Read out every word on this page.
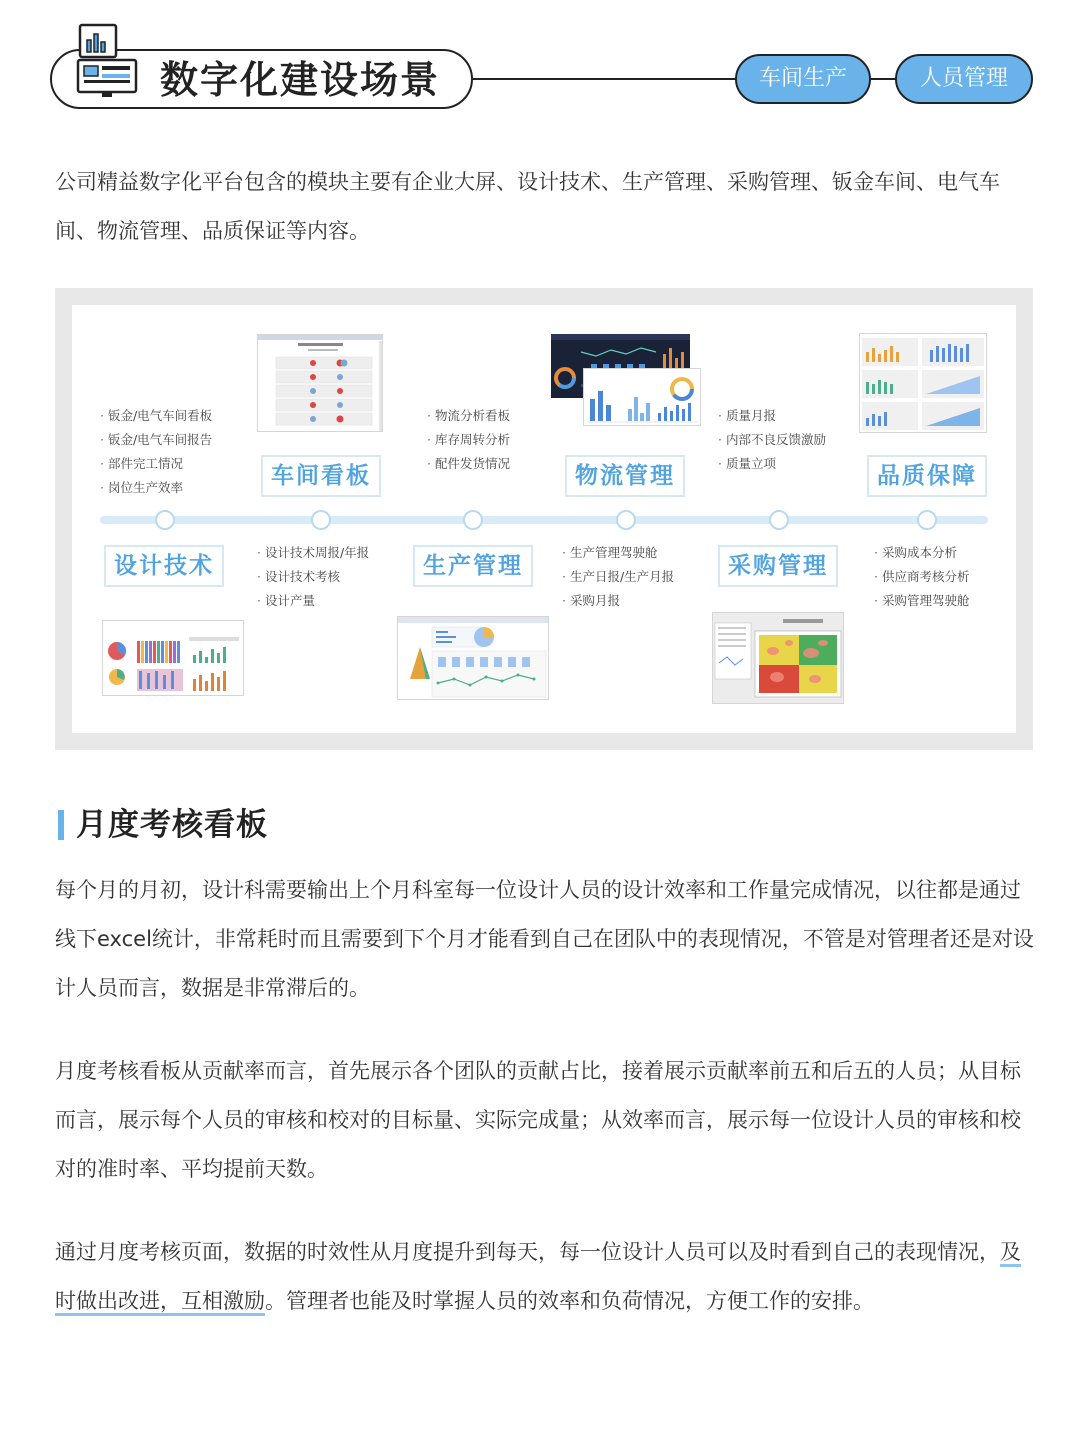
数字化建设场景	车间生产	人员管理

公司精益数字化平台包含的模块主要有企业大屏、设计技术、生产管理、采购管理、钣金车间、电气车间、物流管理、品质保证等内容。

· 钣金/电气车间看板
· 钣金/电气车间报告
· 部件完工情况
· 岗位生产效率
· 物流分析看板
· 库存周转分析
· 配件发货情况
· 质量月报
· 内部不良反馈激励
· 质量立项
车间看板	物流管理	品质保障
设计技术	生产管理	采购管理
· 设计技术周报/年报
· 设计技术考核
· 设计产量
· 生产管理驾驶舱
· 生产日报/生产月报
· 采购月报
· 采购成本分析
· 供应商考核分析
· 采购管理驾驶舱
月度考核看板

每个月的月初，设计科需要输出上个月科室每一位设计人员的设计效率和工作量完成情况，以往都是通过线下excel统计，非常耗时而且需要到下个月才能看到自己在团队中的表现情况，不管是对管理者还是对设计人员而言，数据是非常滞后的。

月度考核看板从贡献率而言，首先展示各个团队的贡献占比，接着展示贡献率前五和后五的人员；从目标而言，展示每个人员的审核和校对的目标量、实际完成量；从效率而言，展示每一位设计人员的审核和校对的准时率、平均提前天数。

通过月度考核页面，数据的时效性从月度提升到每天，每一位设计人员可以及时看到自己的表现情况，及时做出改进，互相激励。管理者也能及时掌握人员的效率和负荷情况，方便工作的安排。
